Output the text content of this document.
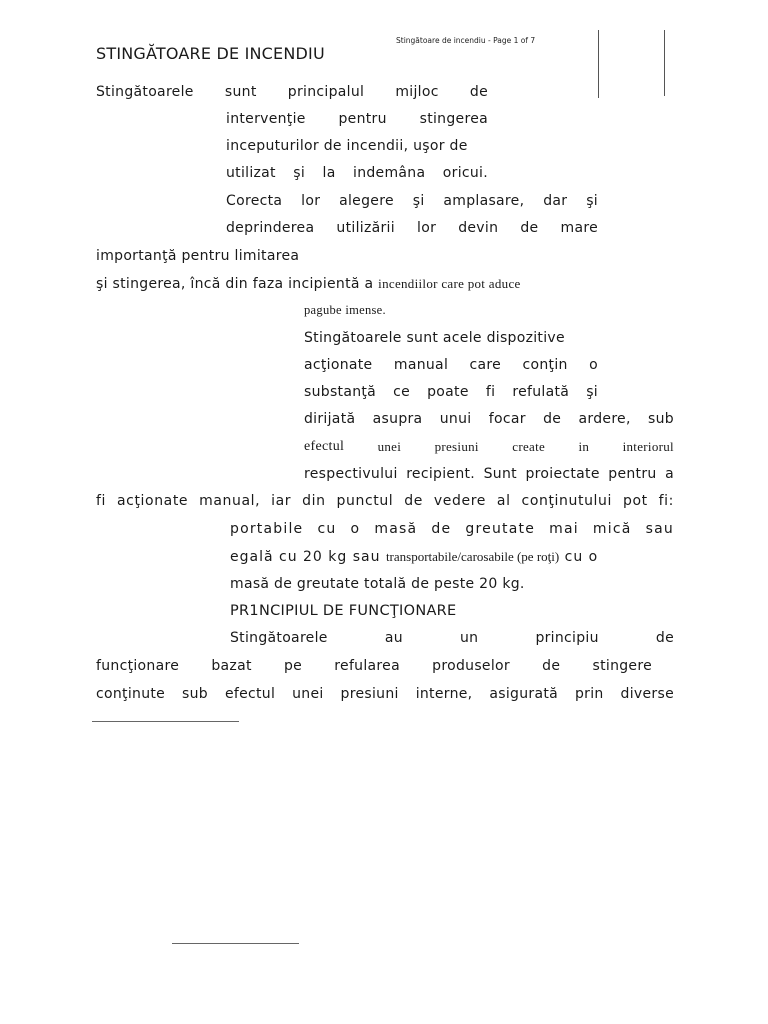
Stingătoare de incendiu - Page 1 of 7
STINGĂTOARE DE INCENDIU
Stingătoarele sunt principalul mijloc de
intervenţie pentru stingerea
inceputurilor de incendii, uşor de
utilizat şi la indemâna oricui.
Corecta lor alegere şi amplasare, dar şi
deprinderea utilizării lor devin de mare
importanţă pentru limitarea
şi stingerea, încă din faza incipientă a incendiilor care pot aduce
pagube imense.
Stingătoarele sunt acele dispozitive
acţionate manual care conţin o
substanţă ce poate fi refulată şi
dirijată asupra unui focar de ardere, sub
efectul	unei	presiuni	create	in	interiorul
respectivului recipient. Sunt proiectate pentru a
fi acţionate manual, iar din punctul de vedere al conţinutului pot fi:
portabile cu o masă de greutate mai mică sau
egală cu 20 kg sau transportabile/carosabile (pe roţi) cu o
masă de greutate totală de peste 20 kg.
PR1NCIPIUL DE FUNCŢIONARE
Stingătoarele au un principiu de
funcţionare bazat pe refularea produselor de stingere
conţinute sub efectul unei presiuni interne, asigurată prin diverse
